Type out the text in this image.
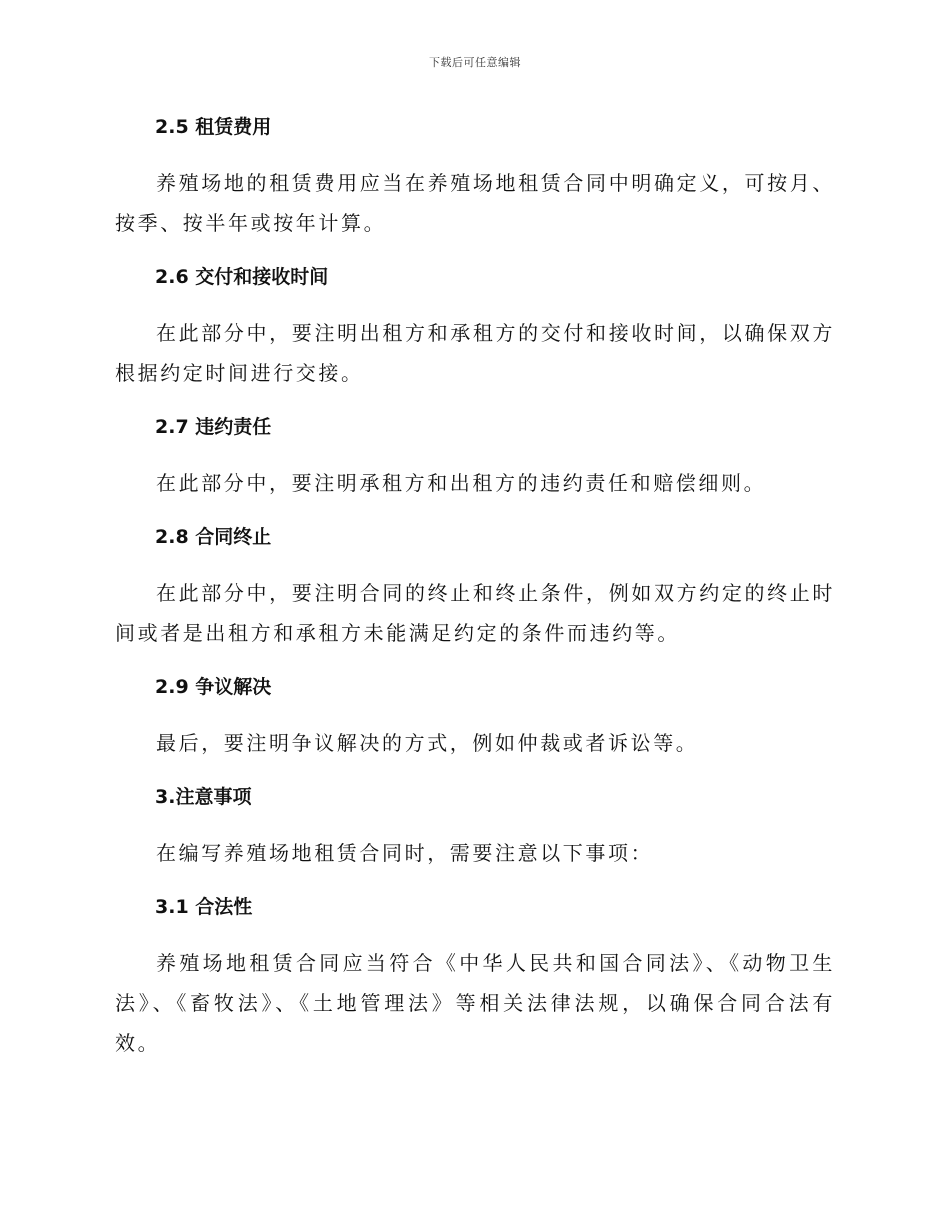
下载后可任意编辑

2.5 租赁费用

养殖场地的租赁费用应当在养殖场地租赁合同中明确定义，可按月、按季、按半年或按年计算。

2.6 交付和接收时间

在此部分中，要注明出租方和承租方的交付和接收时间，以确保双方根据约定时间进行交接。

2.7 违约责任

在此部分中，要注明承租方和出租方的违约责任和赔偿细则。

2.8 合同终止

在此部分中，要注明合同的终止和终止条件，例如双方约定的终止时间或者是出租方和承租方未能满足约定的条件而违约等。

2.9 争议解决

最后，要注明争议解决的方式，例如仲裁或者诉讼等。

3.注意事项

在编写养殖场地租赁合同时，需要注意以下事项：

3.1 合法性

养殖场地租赁合同应当符合《中华人民共和国合同法》、《动物卫生法》、《畜牧法》、《土地管理法》等相关法律法规，以确保合同合法有效。
